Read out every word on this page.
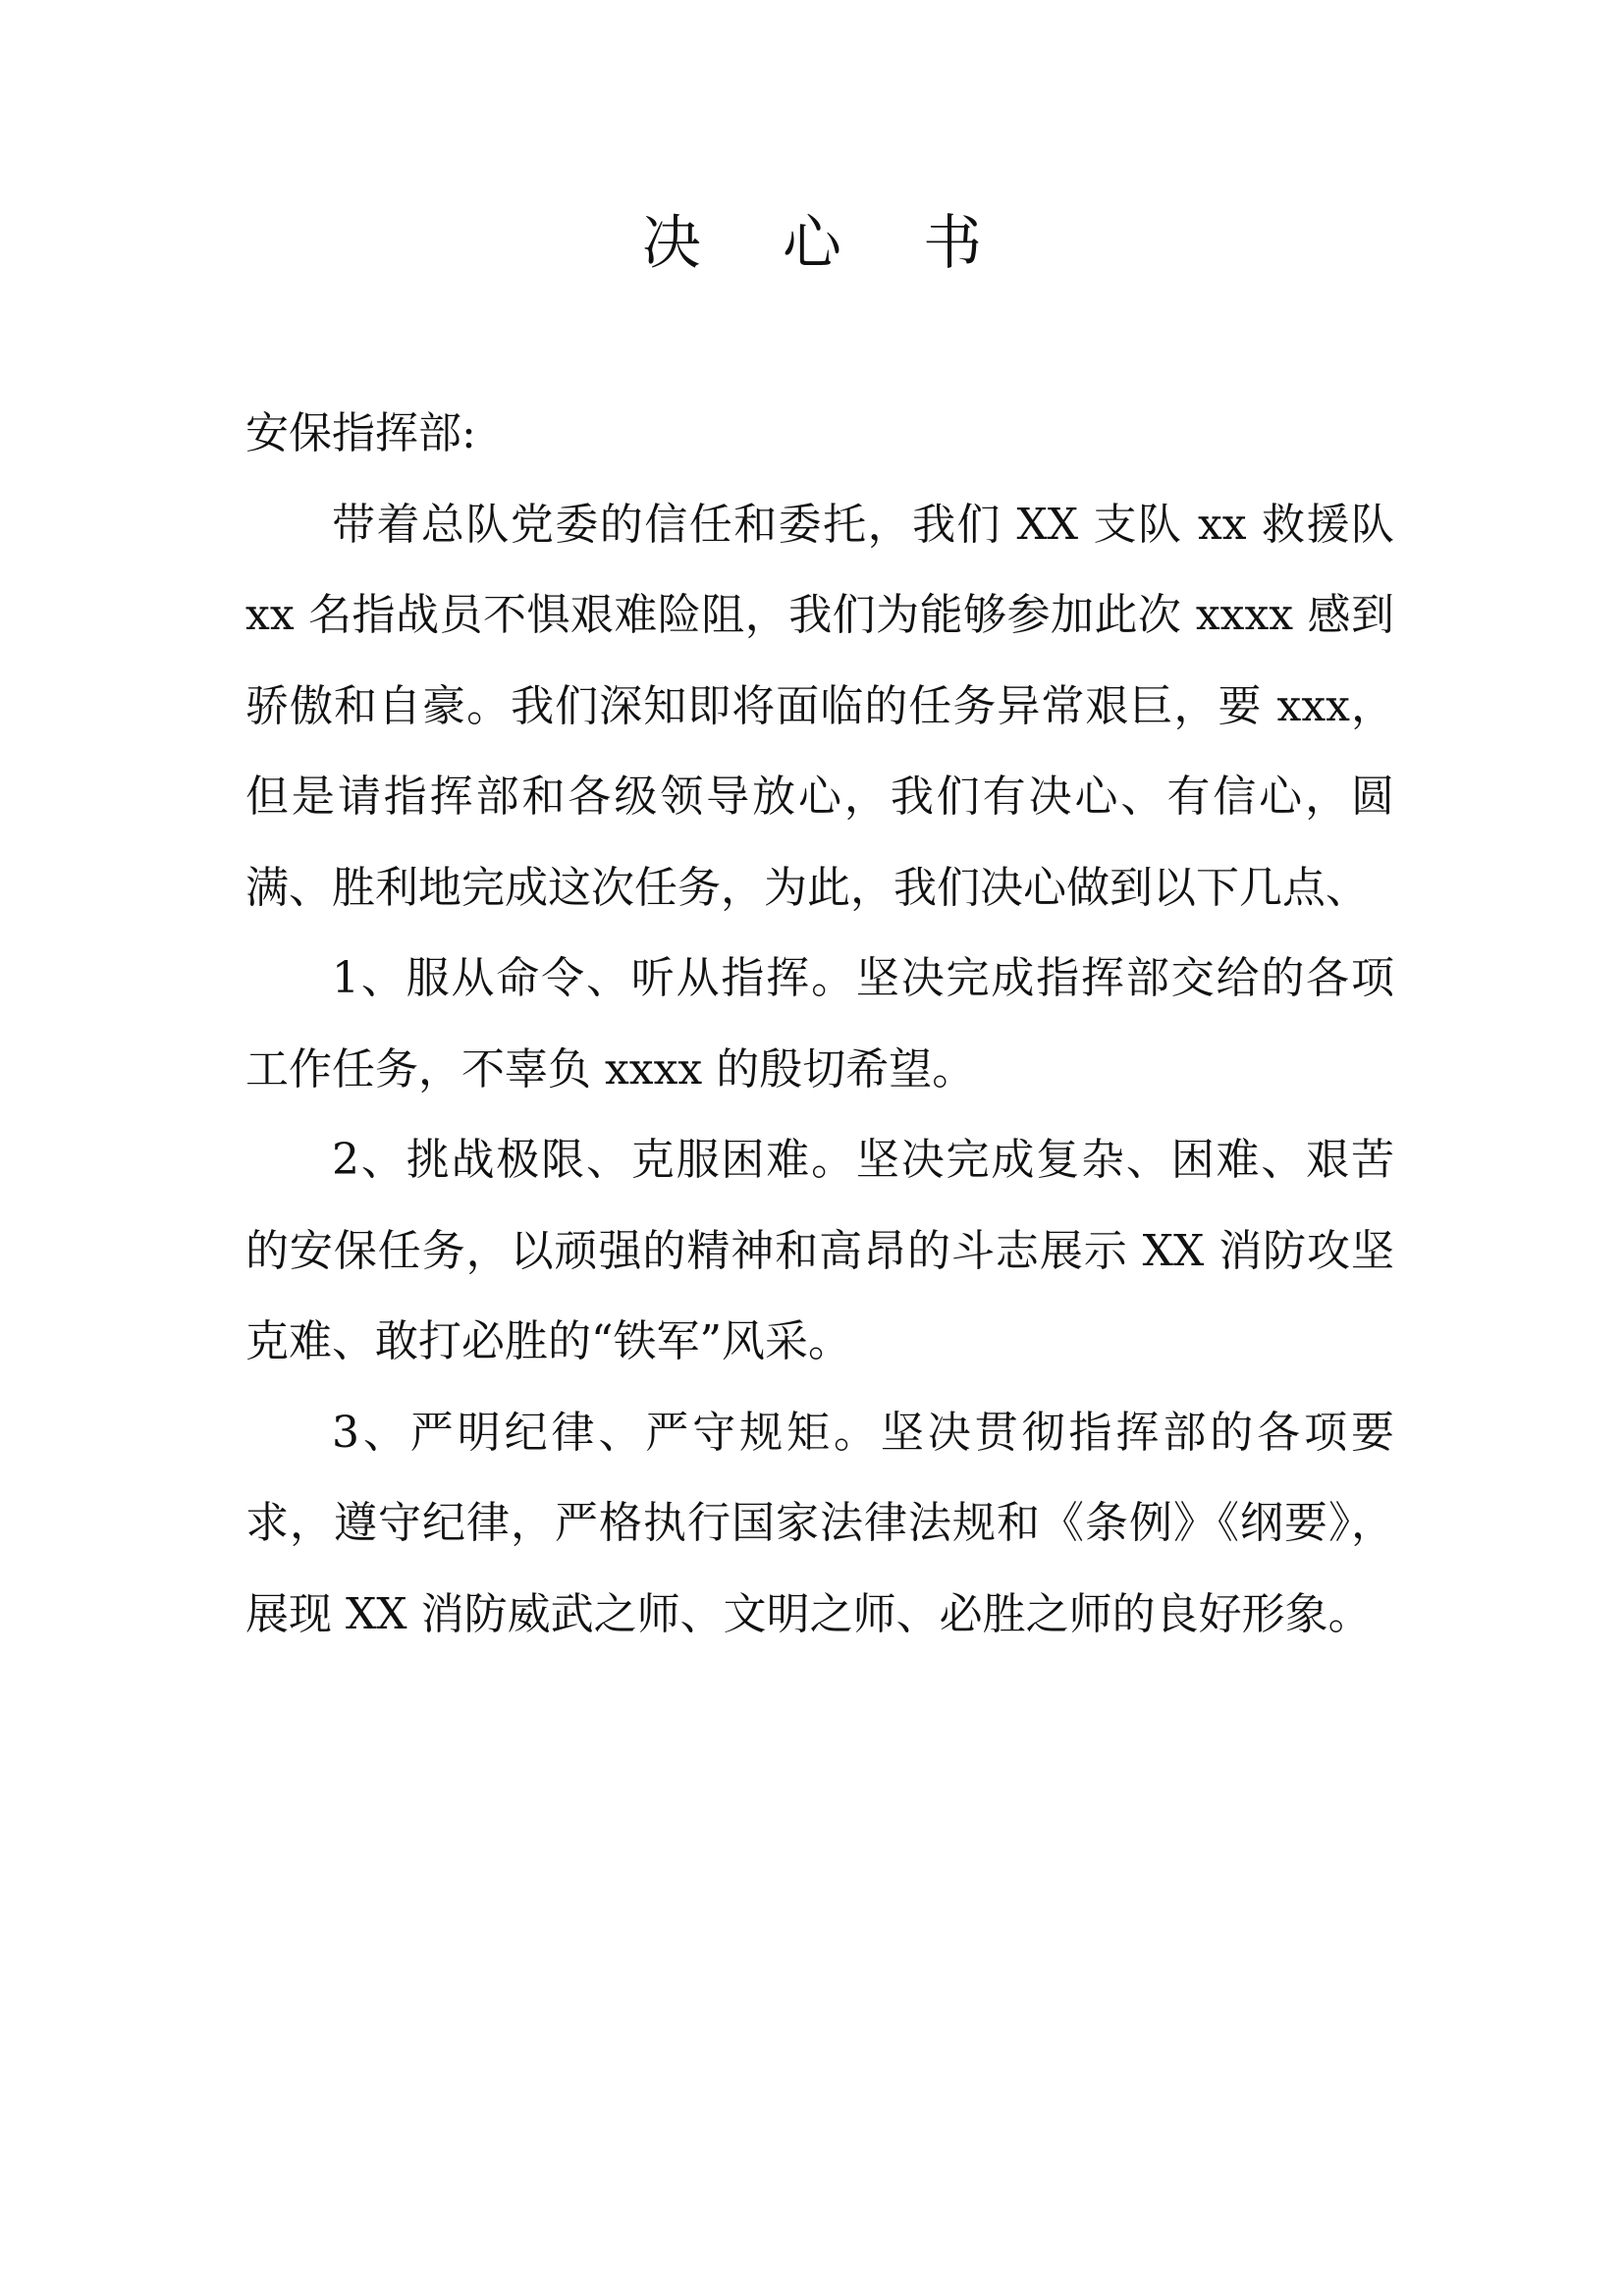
决 心 书

安保指挥部:

带着总队党委的信任和委托，我们 XX 支队 xx 救援队 xx 名指战员不惧艰难险阻，我们为能够参加此次 xxxx 感到骄傲和自豪。我们深知即将面临的任务异常艰巨，要 xxx，但是请指挥部和各级领导放心，我们有决心、有信心，圆满、胜利地完成这次任务，为此，我们决心做到以下几点、

1、服从命令、听从指挥。坚决完成指挥部交给的各项工作任务，不辜负 xxxx 的殷切希望。

2、挑战极限、克服困难。坚决完成复杂、困难、艰苦的安保任务，以顽强的精神和高昂的斗志展示 XX 消防攻坚克难、敢打必胜的“铁军”风采。

3、严明纪律、严守规矩。坚决贯彻指挥部的各项要求，遵守纪律，严格执行国家法律法规和《条例》《纲要》，展现 XX 消防威武之师、文明之师、必胜之师的良好形象。
